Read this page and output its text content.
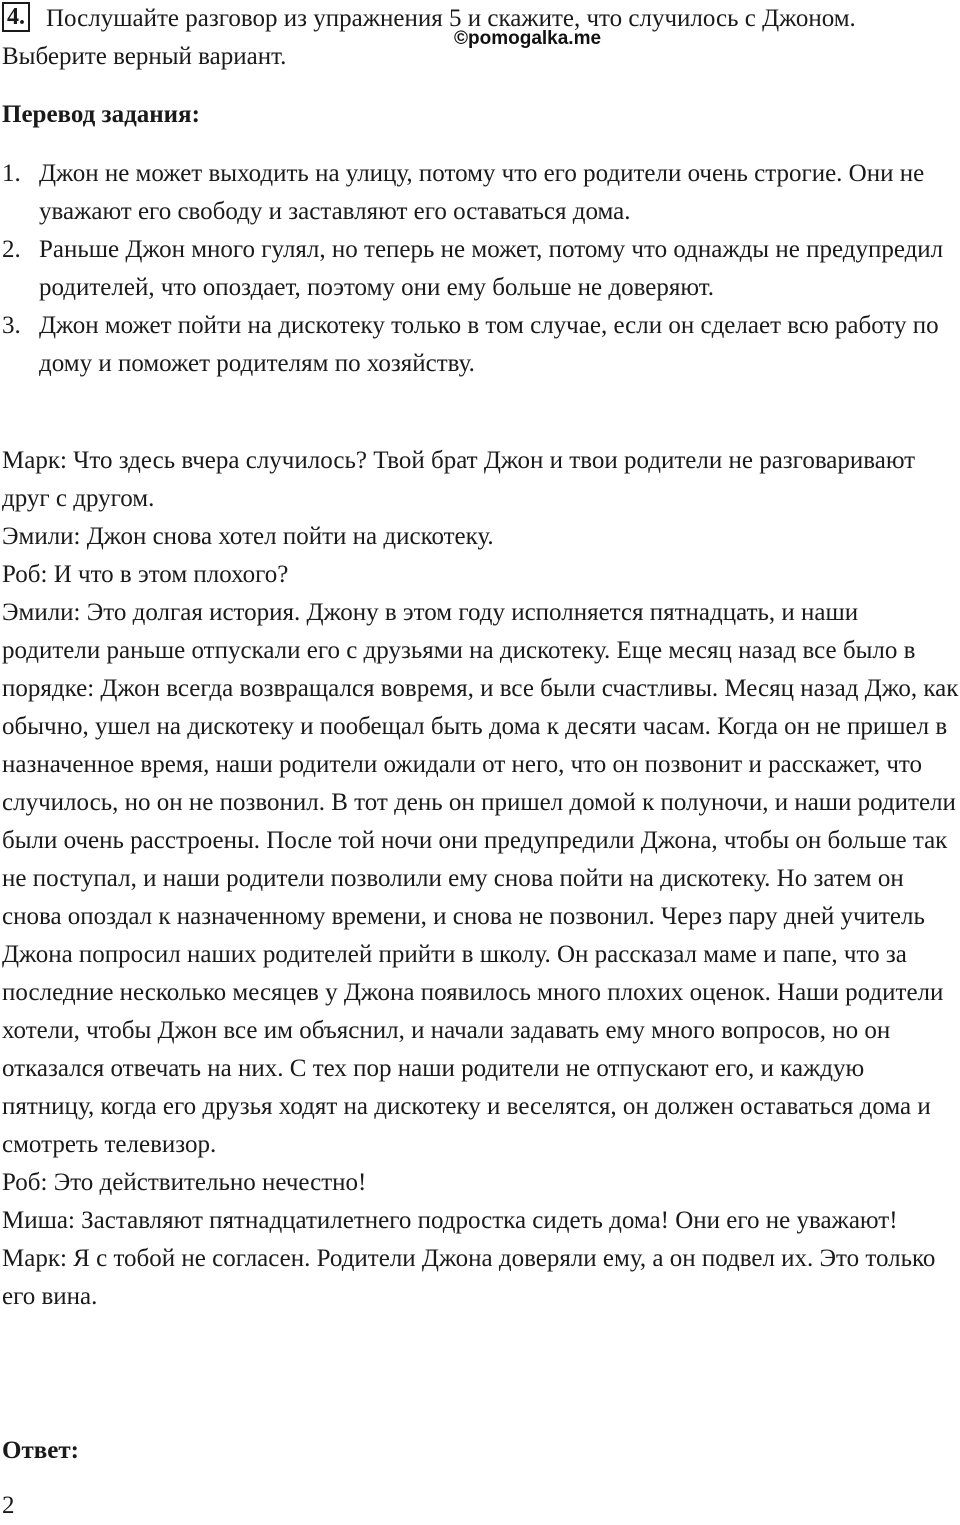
4. Послушайте разговор из упражнения 5 и скажите, что случилось с Джоном. Выберите верный вариант.

©pomogalka.me

Перевод задания:

1. Джон не может выходить на улицу, потому что его родители очень строгие. Они не уважают его свободу и заставляют его оставаться дома.
2. Раньше Джон много гулял, но теперь не может, потому что однажды не предупредил родителей, что опоздает, поэтому они ему больше не доверяют.
3. Джон может пойти на дискотеку только в том случае, если он сделает всю работу по дому и поможет родителям по хозяйству.

Марк: Что здесь вчера случилось? Твой брат Джон и твои родители не разговаривают друг с другом.

Эмили: Джон снова хотел пойти на дискотеку.

Роб: И что в этом плохого?

Эмили: Это долгая история. Джону в этом году исполняется пятнадцать, и наши родители раньше отпускали его с друзьями на дискотеку. Еще месяц назад все было в порядке: Джон всегда возвращался вовремя, и все были счастливы. Месяц назад Джо, как обычно, ушел на дискотеку и пообещал быть дома к десяти часам. Когда он не пришел в назначенное время, наши родители ожидали от него, что он позвонит и расскажет, что случилось, но он не позвонил. В тот день он пришел домой к полуночи, и наши родители были очень расстроены. После той ночи они предупредили Джона, чтобы он больше так не поступал, и наши родители позволили ему снова пойти на дискотеку. Но затем он снова опоздал к назначенному времени, и снова не позвонил. Через пару дней учитель Джона попросил наших родителей прийти в школу. Он рассказал маме и папе, что за последние несколько месяцев у Джона появилось много плохих оценок. Наши родители хотели, чтобы Джон все им объяснил, и начали задавать ему много вопросов, но он отказался отвечать на них. С тех пор наши родители не отпускают его, и каждую пятницу, когда его друзья ходят на дискотеку и веселятся, он должен оставаться дома и смотреть телевизор.

Роб: Это действительно нечестно!

Миша: Заставляют пятнадцатилетнего подростка сидеть дома! Они его не уважают!

Марк: Я с тобой не согласен. Родители Джона доверяли ему, а он подвел их. Это только его вина.

Ответ:

2
